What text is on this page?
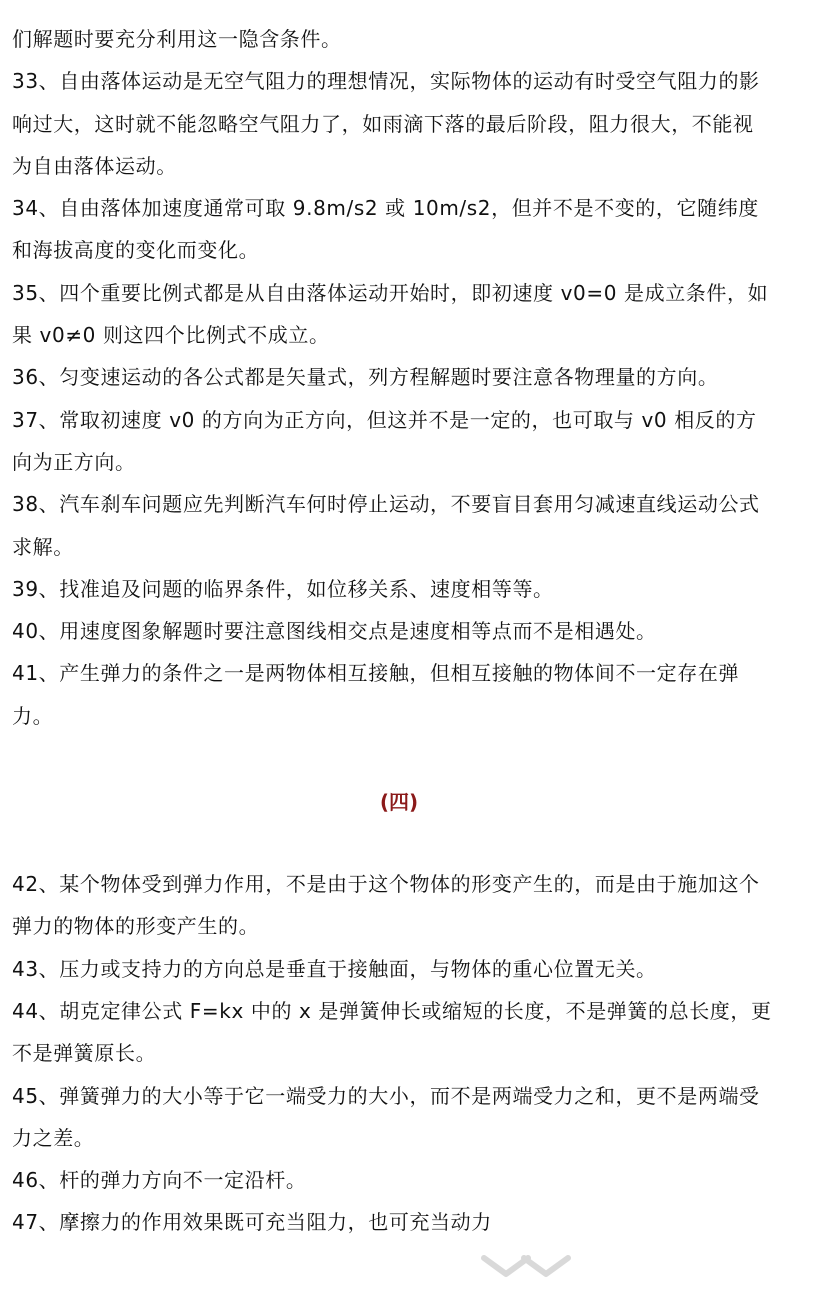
们解题时要充分利用这一隐含条件。

33、自由落体运动是无空气阻力的理想情况，实际物体的运动有时受空气阻力的影响过大，这时就不能忽略空气阻力了，如雨滴下落的最后阶段，阻力很大，不能视为自由落体运动。

34、自由落体加速度通常可取 9.8m/s2 或 10m/s2，但并不是不变的，它随纬度和海拔高度的变化而变化。

35、四个重要比例式都是从自由落体运动开始时，即初速度 v0=0 是成立条件，如果 v0≠0 则这四个比例式不成立。

36、匀变速运动的各公式都是矢量式，列方程解题时要注意各物理量的方向。

37、常取初速度 v0 的方向为正方向，但这并不是一定的，也可取与 v0 相反的方向为正方向。

38、汽车刹车问题应先判断汽车何时停止运动，不要盲目套用匀减速直线运动公式求解。

39、找准追及问题的临界条件，如位移关系、速度相等等。

40、用速度图象解题时要注意图线相交点是速度相等点而不是相遇处。

41、产生弹力的条件之一是两物体相互接触，但相互接触的物体间不一定存在弹力。

(四)

42、某个物体受到弹力作用，不是由于这个物体的形变产生的，而是由于施加这个弹力的物体的形变产生的。

43、压力或支持力的方向总是垂直于接触面，与物体的重心位置无关。

44、胡克定律公式 F=kx 中的 x 是弹簧伸长或缩短的长度，不是弹簧的总长度，更不是弹簧原长。

45、弹簧弹力的大小等于它一端受力的大小，而不是两端受力之和，更不是两端受力之差。

46、杆的弹力方向不一定沿杆。

47、摩擦力的作用效果既可充当阻力，也可充当动力
